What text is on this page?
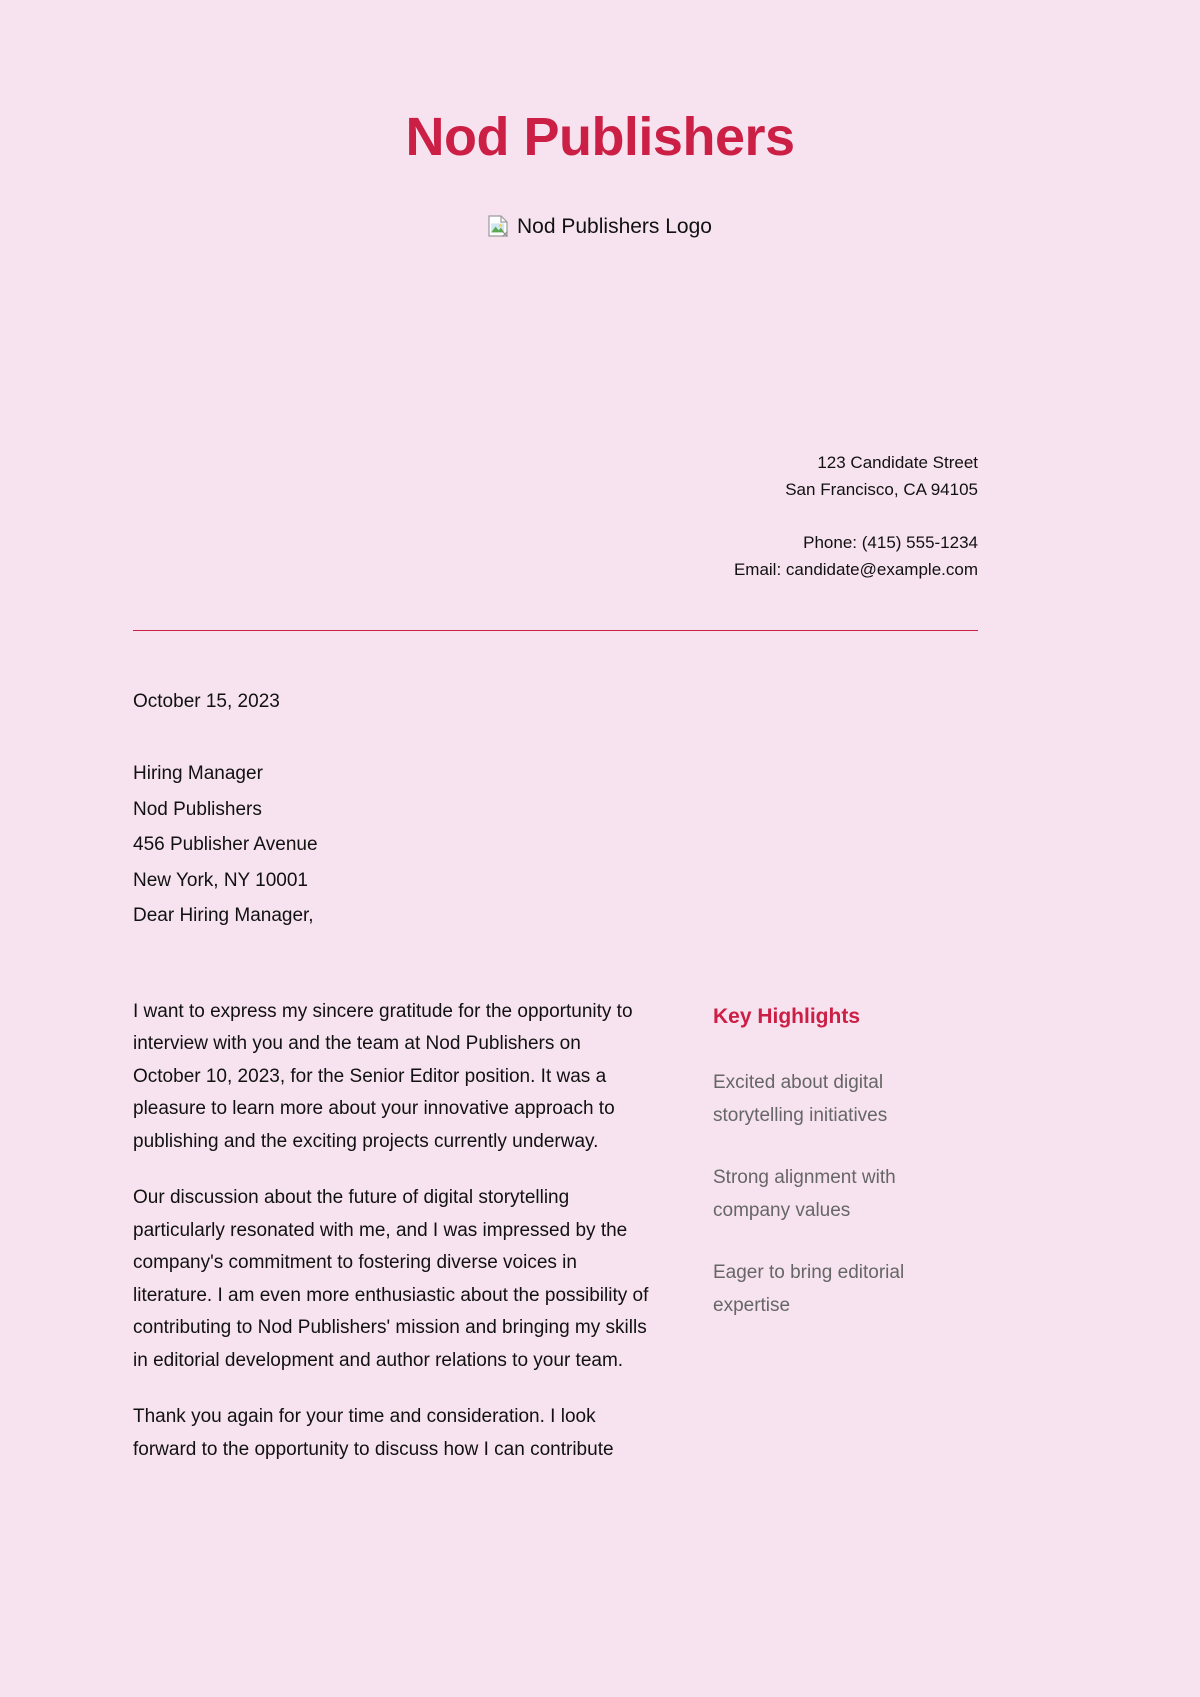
Nod Publishers
Nod Publishers Logo
123 Candidate Street
San Francisco, CA 94105
Phone: (415) 555-1234
Email: candidate@example.com
October 15, 2023
Hiring Manager
Nod Publishers
456 Publisher Avenue
New York, NY 10001
Dear Hiring Manager,

I want to express my sincere gratitude for the opportunity to interview with you and the team at Nod Publishers on October 10, 2023, for the Senior Editor position. It was a pleasure to learn more about your innovative approach to publishing and the exciting projects currently underway.

Our discussion about the future of digital storytelling particularly resonated with me, and I was impressed by the company's commitment to fostering diverse voices in literature. I am even more enthusiastic about the possibility of contributing to Nod Publishers' mission and bringing my skills in editorial development and author relations to your team.

Thank you again for your time and consideration. I look forward to the opportunity to discuss how I can contribute

Key Highlights
Excited about digital storytelling initiatives
Strong alignment with company values
Eager to bring editorial expertise
